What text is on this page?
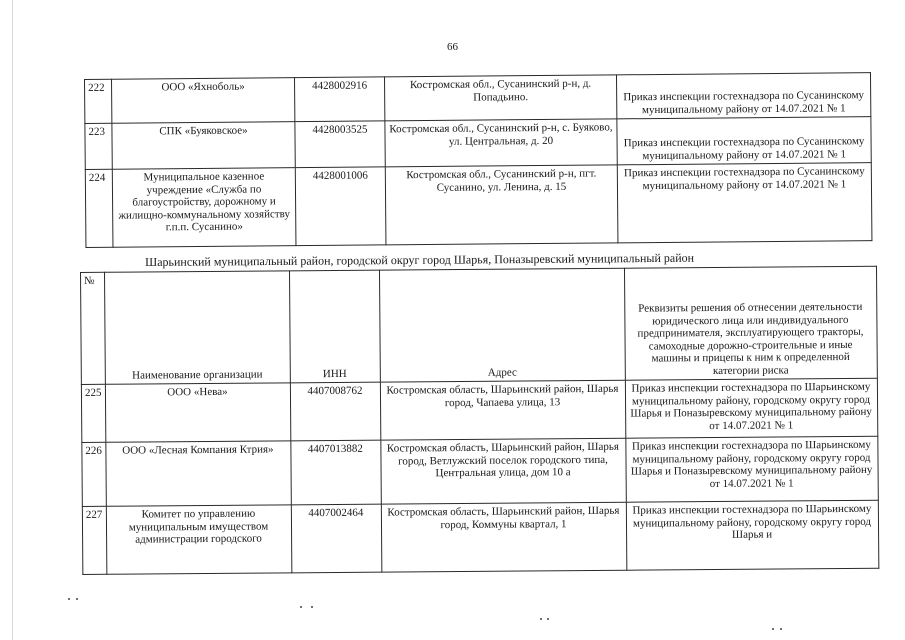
66
222	ООО «Яхноболь»	4428002916	Костромская обл., Сусанинский р-н, д. Попадьино.	Приказ инспекции гостехнадзора по Сусанинскому муниципальному району от 14.07.2021 № 1
223	СПК «Буяковское»	4428003525	Костромская обл., Сусанинский р-н, с. Буяково, ул. Центральная, д. 20	Приказ инспекции гостехнадзора по Сусанинскому муниципальному району от 14.07.2021 № 1
224	Муниципальное казенное учреждение «Служба по благоустройству, дорожному и жилищно-коммунальному хозяйству г.п.п. Сусанино»	4428001006	Костромская обл., Сусанинский р-н, пгт. Сусанино, ул. Ленина, д. 15	Приказ инспекции гостехнадзора по Сусанинскому муниципальному району от 14.07.2021 № 1
Шарьинский муниципальный район, городской округ город Шарья, Поназыревский муниципальный район
№	Наименование организации	ИНН	Адрес	Реквизиты решения об отнесении деятельности юридического лица или индивидуального предпринимателя, эксплуатирующего тракторы, самоходные дорожно-строительные и иные машины и прицепы к ним к определенной категории риска
225	ООО «Нева»	4407008762	Костромская область, Шарьинский район, Шарья город, Чапаева улица, 13	Приказ инспекции гостехнадзора по Шарьинскому муниципальному району, городскому округу город Шарья и Поназыревскому муниципальному району от 14.07.2021 № 1
226	ООО «Лесная Компания Ктрия»	4407013882	Костромская область, Шарьинский район, Шарья город, Ветлужский поселок городского типа, Центральная улица, дом 10 а	Приказ инспекции гостехнадзора по Шарьинскому муниципальному району, городскому округу город Шарья и Поназыревскому муниципальному району от 14.07.2021 № 1
227	Комитет по управлению муниципальным имуществом администрации городского	4407002464	Костромская область, Шарьинский район, Шарья город, Коммуны квартал, 1	Приказ инспекции гостехнадзора по Шарьинскому муниципальному району, городскому округу город Шарья и
